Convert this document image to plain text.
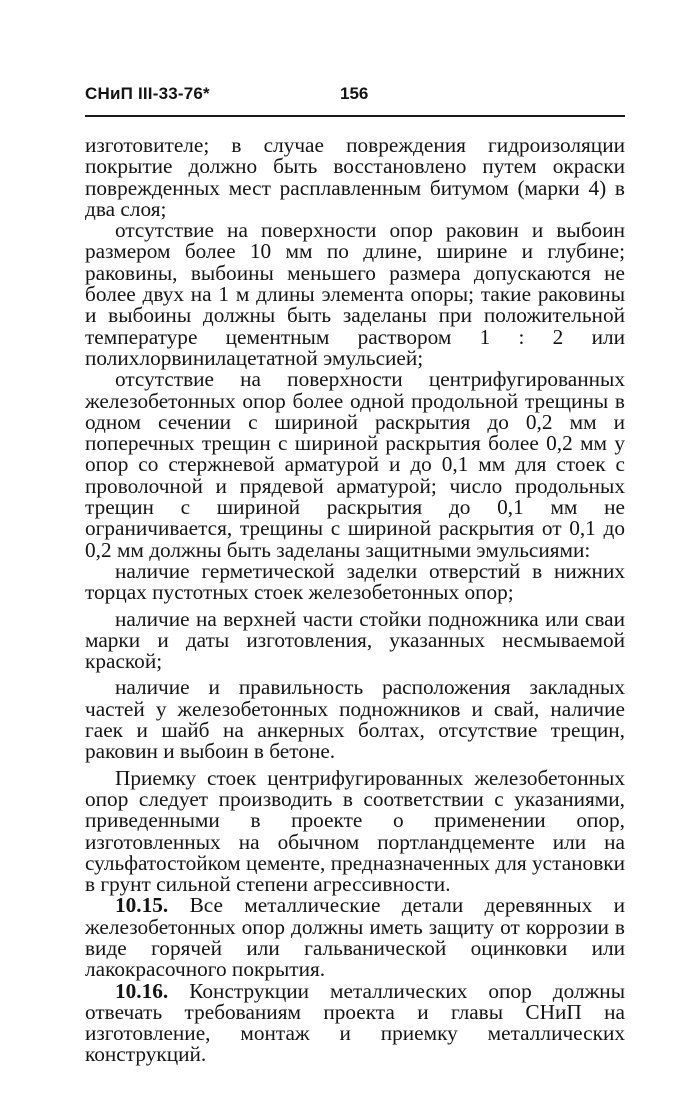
СНиП III-33-76*	156

изготовителе; в случае повреждения гидроизоляции покрытие должно быть восстановлено путем окраски поврежденных мест расплавленным битумом (марки 4) в два слоя;

отсутствие на поверхности опор раковин и выбоин размером более 10 мм по длине, ширине и глубине; раковины, выбоины меньшего размера допускаются не более двух на 1 м длины элемента опоры; такие раковины и выбоины должны быть заделаны при положительной температуре цементным раствором 1 : 2 или полихлорвинилацетатной эмульсией;

отсутствие на поверхности центрифугированных железобетонных опор более одной продольной трещины в одном сечении с шириной раскрытия до 0,2 мм и поперечных трещин с шириной раскрытия более 0,2 мм у опор со стержневой арматурой и до 0,1 мм для стоек с проволочной и прядевой арматурой; число продольных трещин с шириной раскрытия до 0,1 мм не ограничивается, трещины с шириной раскрытия от 0,1 до 0,2 мм должны быть заделаны защитными эмульсиями:

наличие герметической заделки отверстий в нижних торцах пустотных стоек железобетонных опор;

наличие на верхней части стойки подножника или сваи марки и даты изготовления, указанных несмываемой краской;

наличие и правильность расположения закладных частей у железобетонных подножников и свай, наличие гаек и шайб на анкерных болтах, отсутствие трещин, раковин и выбоин в бетоне.

Приемку стоек центрифугированных железобетонных опор следует производить в соответствии с указаниями, приведенными в проекте о применении опор, изготовленных на обычном портландцементе или на сульфатостойком цементе, предназначенных для установки в грунт сильной степени агрессивности.

10.15. Все металлические детали деревянных и железобетонных опор должны иметь защиту от коррозии в виде горячей или гальванической оцинковки или лакокрасочного покрытия.

10.16. Конструкции металлических опор должны отвечать требованиям проекта и главы СНиП на изготовление, монтаж и приемку металлических конструкций.
